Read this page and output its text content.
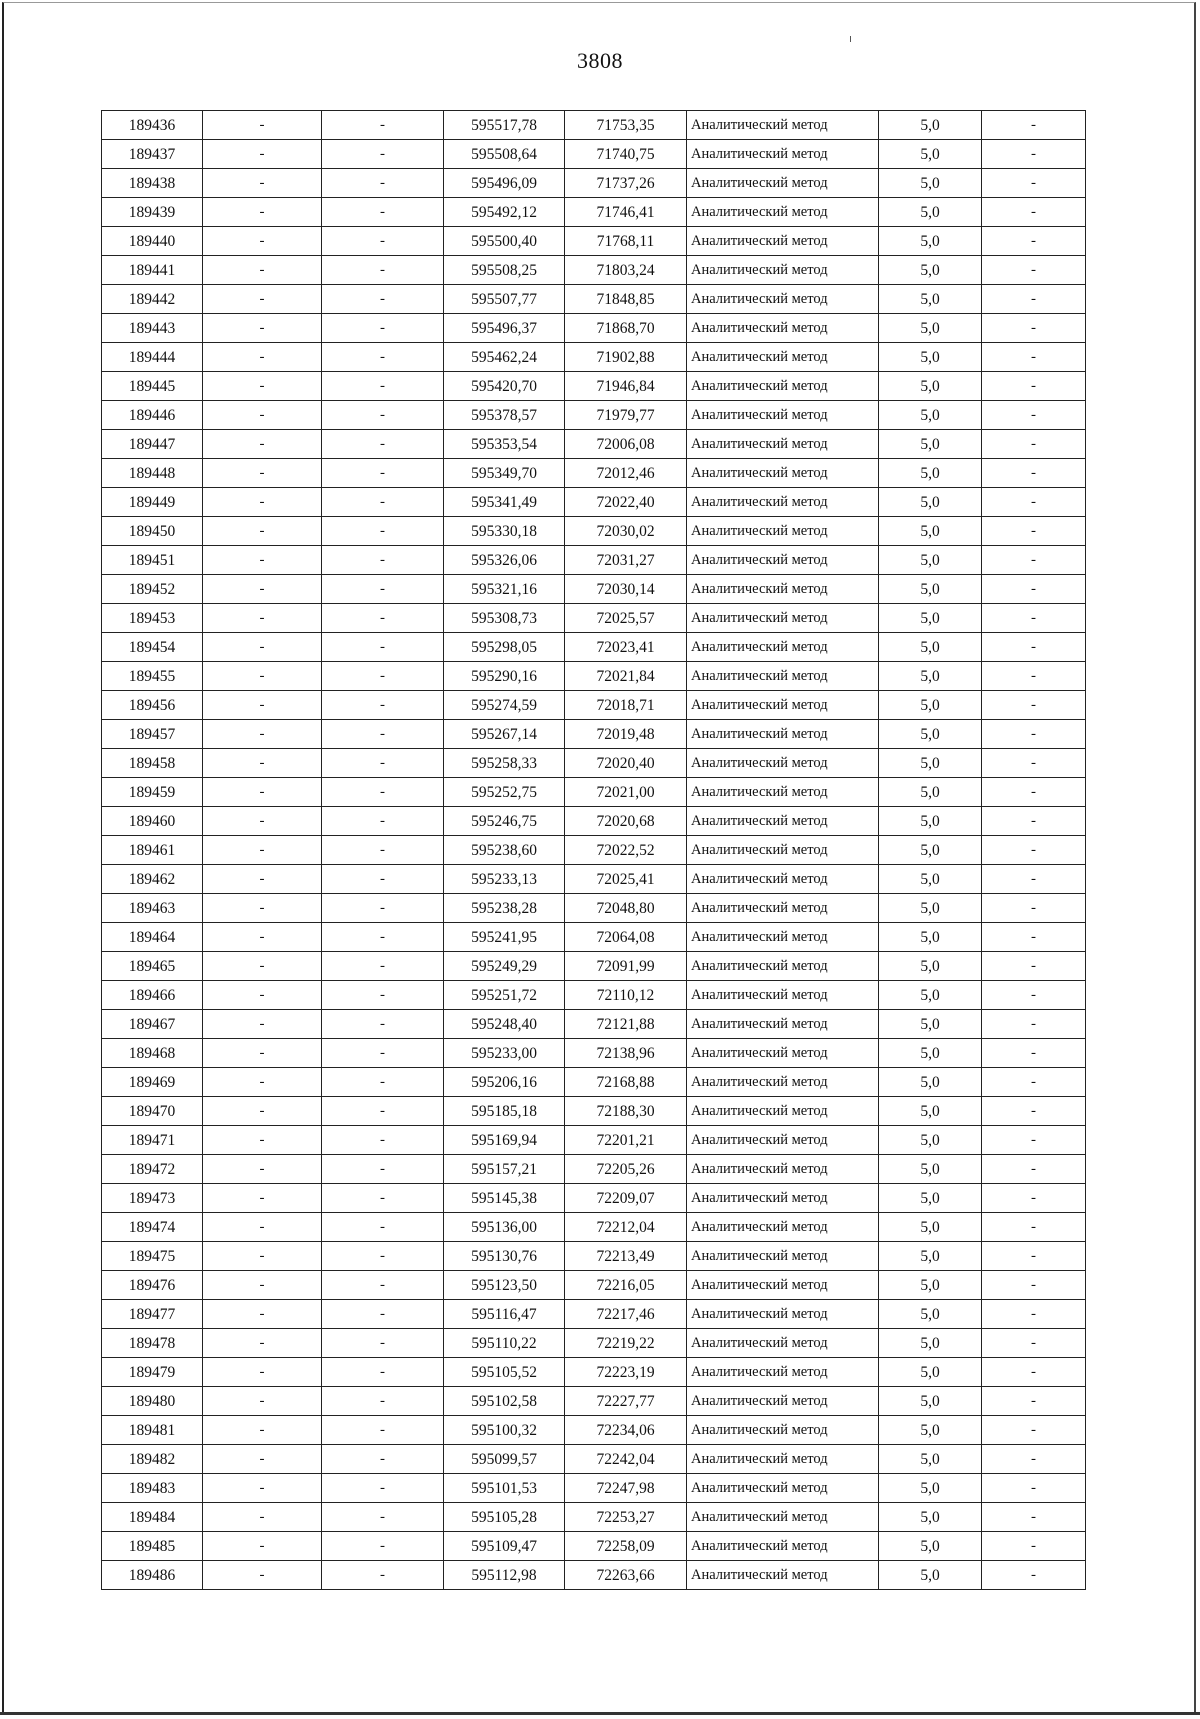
3808
189436	-	-	595517,78	71753,35	Аналитический метод	5,0	-
189437	-	-	595508,64	71740,75	Аналитический метод	5,0	-
189438	-	-	595496,09	71737,26	Аналитический метод	5,0	-
189439	-	-	595492,12	71746,41	Аналитический метод	5,0	-
189440	-	-	595500,40	71768,11	Аналитический метод	5,0	-
189441	-	-	595508,25	71803,24	Аналитический метод	5,0	-
189442	-	-	595507,77	71848,85	Аналитический метод	5,0	-
189443	-	-	595496,37	71868,70	Аналитический метод	5,0	-
189444	-	-	595462,24	71902,88	Аналитический метод	5,0	-
189445	-	-	595420,70	71946,84	Аналитический метод	5,0	-
189446	-	-	595378,57	71979,77	Аналитический метод	5,0	-
189447	-	-	595353,54	72006,08	Аналитический метод	5,0	-
189448	-	-	595349,70	72012,46	Аналитический метод	5,0	-
189449	-	-	595341,49	72022,40	Аналитический метод	5,0	-
189450	-	-	595330,18	72030,02	Аналитический метод	5,0	-
189451	-	-	595326,06	72031,27	Аналитический метод	5,0	-
189452	-	-	595321,16	72030,14	Аналитический метод	5,0	-
189453	-	-	595308,73	72025,57	Аналитический метод	5,0	-
189454	-	-	595298,05	72023,41	Аналитический метод	5,0	-
189455	-	-	595290,16	72021,84	Аналитический метод	5,0	-
189456	-	-	595274,59	72018,71	Аналитический метод	5,0	-
189457	-	-	595267,14	72019,48	Аналитический метод	5,0	-
189458	-	-	595258,33	72020,40	Аналитический метод	5,0	-
189459	-	-	595252,75	72021,00	Аналитический метод	5,0	-
189460	-	-	595246,75	72020,68	Аналитический метод	5,0	-
189461	-	-	595238,60	72022,52	Аналитический метод	5,0	-
189462	-	-	595233,13	72025,41	Аналитический метод	5,0	-
189463	-	-	595238,28	72048,80	Аналитический метод	5,0	-
189464	-	-	595241,95	72064,08	Аналитический метод	5,0	-
189465	-	-	595249,29	72091,99	Аналитический метод	5,0	-
189466	-	-	595251,72	72110,12	Аналитический метод	5,0	-
189467	-	-	595248,40	72121,88	Аналитический метод	5,0	-
189468	-	-	595233,00	72138,96	Аналитический метод	5,0	-
189469	-	-	595206,16	72168,88	Аналитический метод	5,0	-
189470	-	-	595185,18	72188,30	Аналитический метод	5,0	-
189471	-	-	595169,94	72201,21	Аналитический метод	5,0	-
189472	-	-	595157,21	72205,26	Аналитический метод	5,0	-
189473	-	-	595145,38	72209,07	Аналитический метод	5,0	-
189474	-	-	595136,00	72212,04	Аналитический метод	5,0	-
189475	-	-	595130,76	72213,49	Аналитический метод	5,0	-
189476	-	-	595123,50	72216,05	Аналитический метод	5,0	-
189477	-	-	595116,47	72217,46	Аналитический метод	5,0	-
189478	-	-	595110,22	72219,22	Аналитический метод	5,0	-
189479	-	-	595105,52	72223,19	Аналитический метод	5,0	-
189480	-	-	595102,58	72227,77	Аналитический метод	5,0	-
189481	-	-	595100,32	72234,06	Аналитический метод	5,0	-
189482	-	-	595099,57	72242,04	Аналитический метод	5,0	-
189483	-	-	595101,53	72247,98	Аналитический метод	5,0	-
189484	-	-	595105,28	72253,27	Аналитический метод	5,0	-
189485	-	-	595109,47	72258,09	Аналитический метод	5,0	-
189486	-	-	595112,98	72263,66	Аналитический метод	5,0	-
